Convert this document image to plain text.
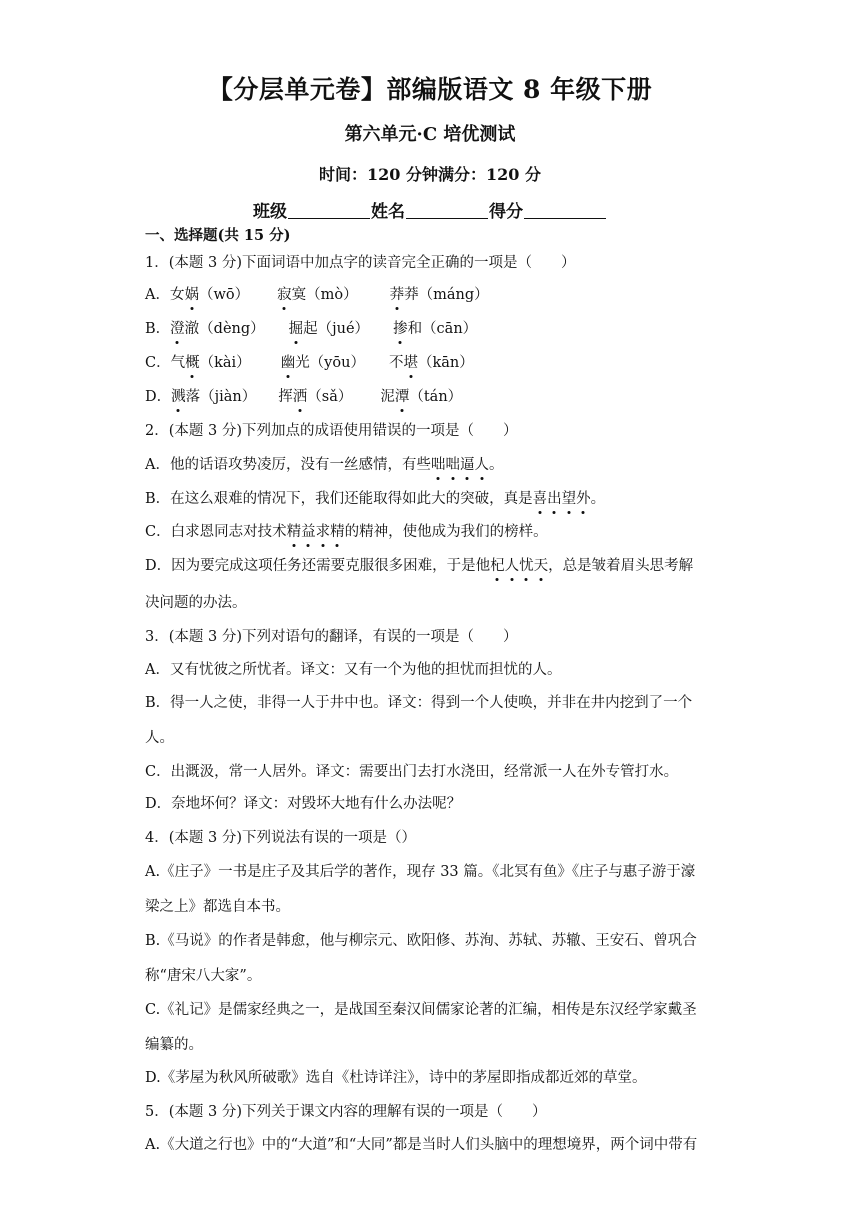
【分层单元卷】部编版语文 8 年级下册
第六单元·C 培优测试
时间：120 分钟满分：120 分
班级	姓名	得分
一、选择题(共 15 分)
1．(本题 3 分)下面词语中加点字的读音完全正确的一项是（　　）
A．女娲（wō） 寂寞（mò） 莽莽（máng）
B．澄澈（dèng） 掘起（jué） 掺和（cān）
C．气概（kài） 幽光（yōu） 不堪（kān）
D．溅落（jiàn） 挥洒（sǎ） 泥潭（tán）
2．(本题 3 分)下列加点的成语使用错误的一项是（　　）
A．他的话语攻势凌厉，没有一丝感情，有些咄咄逼人。
B．在这么艰难的情况下，我们还能取得如此大的突破，真是喜出望外。
C．白求恩同志对技术精益求精的精神，使他成为我们的榜样。
D．因为要完成这项任务还需要克服很多困难，于是他杞人忧天，总是皱着眉头思考解
决问题的办法。
3．(本题 3 分)下列对语句的翻译，有误的一项是（　　）
A．又有忧彼之所忧者。译文：又有一个为他的担忧而担忧的人。
B．得一人之使，非得一人于井中也。译文：得到一个人使唤，并非在井内挖到了一个
人。
C．出溉汲，常一人居外。译文：需要出门去打水浇田，经常派一人在外专管打水。
D．奈地坏何？译文：对毁坏大地有什么办法呢？
4．(本题 3 分)下列说法有误的一项是（）
A.《庄子》一书是庄子及其后学的著作，现存 33 篇。《北冥有鱼》《庄子与惠子游于濠
梁之上》都选自本书。
B.《马说》的作者是韩愈，他与柳宗元、欧阳修、苏洵、苏轼、苏辙、王安石、曾巩合
称“唐宋八大家”。
C.《礼记》是儒家经典之一，是战国至秦汉间儒家论著的汇编，相传是东汉经学家戴圣
编纂的。
D.《茅屋为秋风所破歌》选自《杜诗详注》，诗中的茅屋即指成都近郊的草堂。
5．(本题 3 分)下列关于课文内容的理解有误的一项是（　　）
A.《大道之行也》中的“大道”和“大同”都是当时人们头脑中的理想境界，两个词中带有
